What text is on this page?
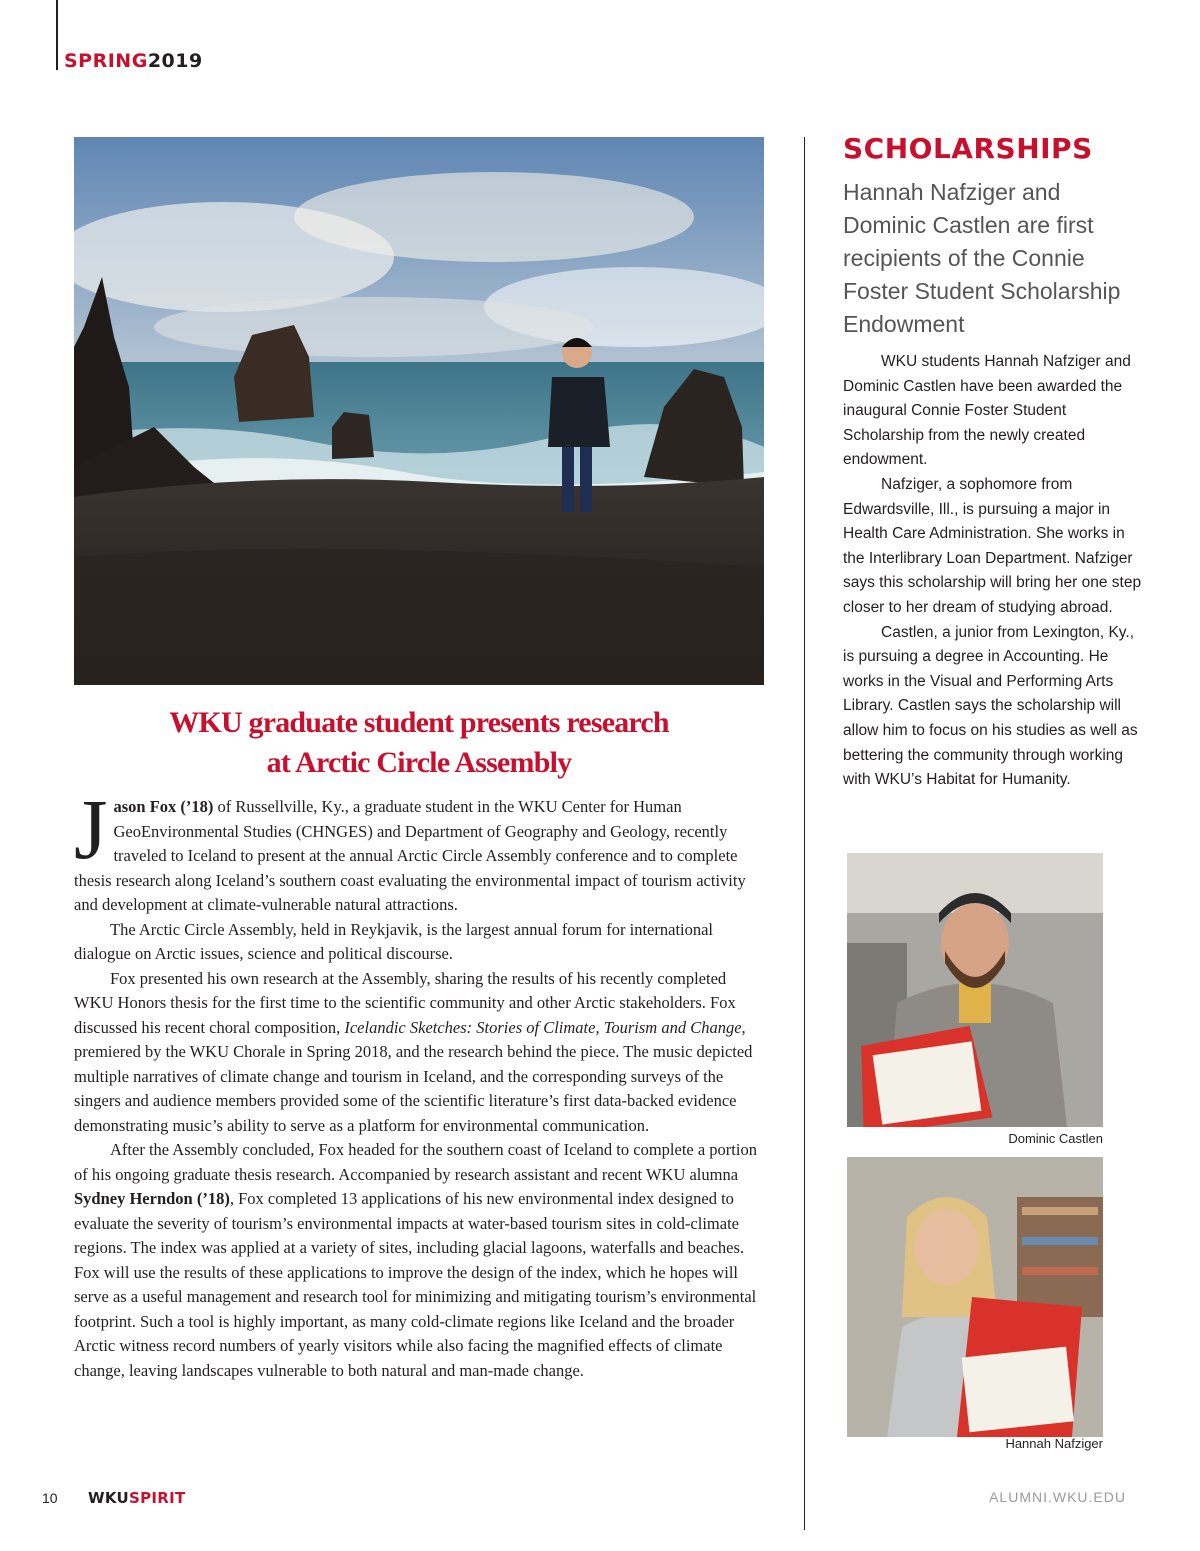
SPRING2019
WKU graduate student presents research
at Arctic Circle Assembly

Jason Fox (’18) of Russellville, Ky., a graduate student in the WKU Center for Human GeoEnvironmental Studies (CHNGES) and Department of Geography and Geology, recently traveled to Iceland to present at the annual Arctic Circle Assembly conference and to complete thesis research along Iceland’s southern coast evaluating the environmental impact of tourism activity and development at climate-vulnerable natural attractions.

The Arctic Circle Assembly, held in Reykjavik, is the largest annual forum for international dialogue on Arctic issues, science and political discourse.

Fox presented his own research at the Assembly, sharing the results of his recently completed WKU Honors thesis for the first time to the scientific community and other Arctic stakeholders. Fox discussed his recent choral composition, Icelandic Sketches: Stories of Climate, Tourism and Change, premiered by the WKU Chorale in Spring 2018, and the research behind the piece. The music depicted multiple narratives of climate change and tourism in Iceland, and the corresponding surveys of the singers and audience members provided some of the scientific literature’s first data-backed evidence demonstrating music’s ability to serve as a platform for environmental communication.

After the Assembly concluded, Fox headed for the southern coast of Iceland to complete a portion of his ongoing graduate thesis research. Accompanied by research assistant and recent WKU alumna Sydney Herndon (’18), Fox completed 13 applications of his new environmental index designed to evaluate the severity of tourism’s environmental impacts at water-based tourism sites in cold-climate regions. The index was applied at a variety of sites, including glacial lagoons, waterfalls and beaches. Fox will use the results of these applications to improve the design of the index, which he hopes will serve as a useful management and research tool for minimizing and mitigating tourism’s environmental footprint. Such a tool is highly important, as many cold-climate regions like Iceland and the broader Arctic witness record numbers of yearly visitors while also facing the magnified effects of climate change, leaving landscapes vulnerable to both natural and man-made change.

SCHOLARSHIPS
Hannah Nafziger and Dominic Castlen are first recipients of the Connie Foster Student Scholarship Endowment

WKU students Hannah Nafziger and Dominic Castlen have been awarded the inaugural Connie Foster Student Scholarship from the newly created endowment.

Nafziger, a sophomore from Edwardsville, Ill., is pursuing a major in Health Care Administration. She works in the Interlibrary Loan Department. Nafziger says this scholarship will bring her one step closer to her dream of studying abroad.

Castlen, a junior from Lexington, Ky., is pursuing a degree in Accounting. He works in the Visual and Performing Arts Library. Castlen says the scholarship will allow him to focus on his studies as well as bettering the community through working with WKU’s Habitat for Humanity.

Dominic Castlen
Hannah Nafziger
10 WKUSPIRIT	ALUMNI.WKU.EDU
